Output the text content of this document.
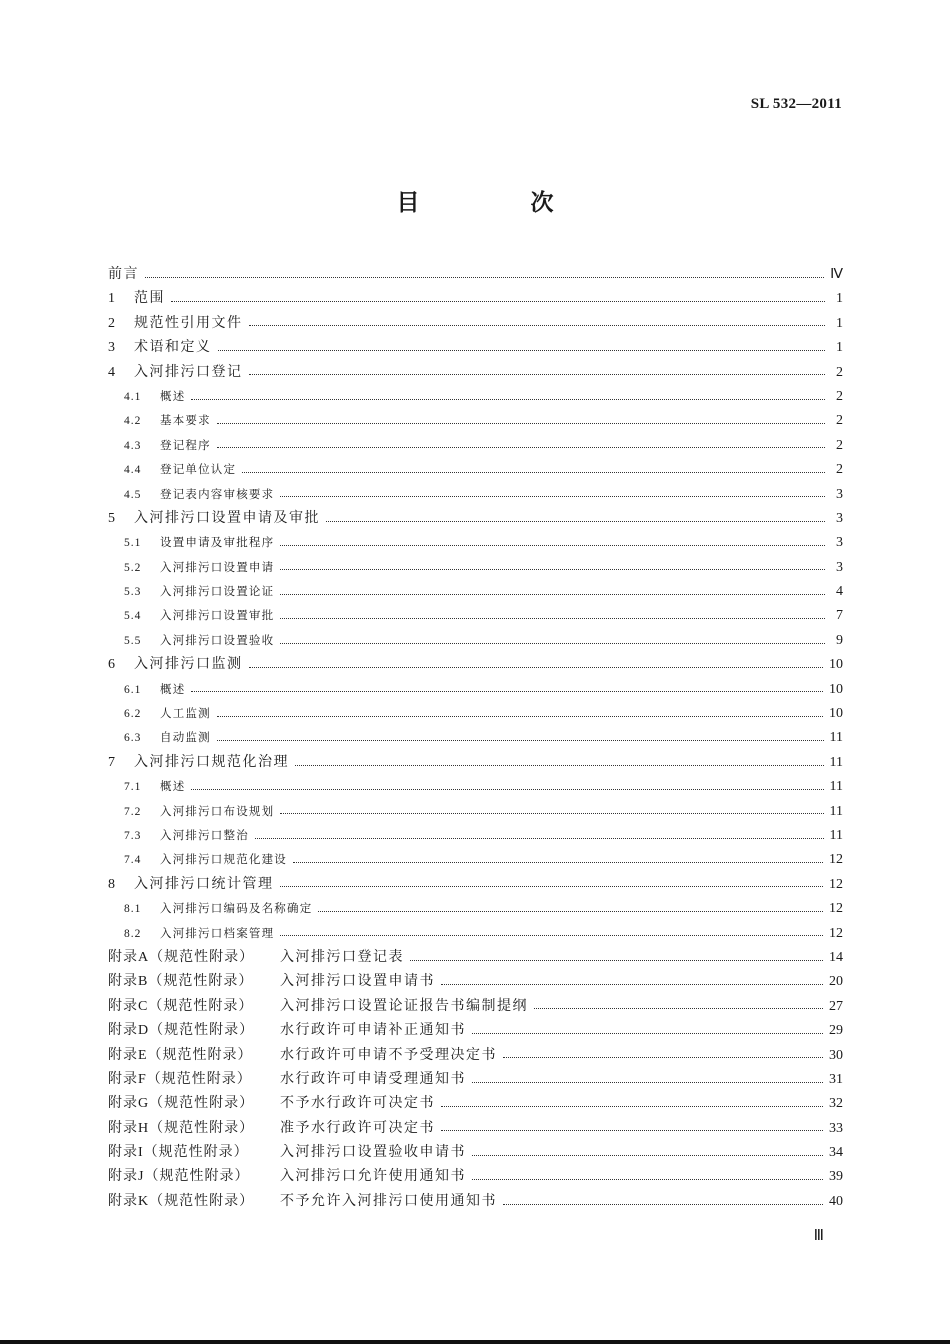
SL 532—2011
目　次
前言	Ⅳ
1	范围	1
2	规范性引用文件	1
3	术语和定义	1
4	入河排污口登记	2
4.1	概述	2
4.2	基本要求	2
4.3	登记程序	2
4.4	登记单位认定	2
4.5	登记表内容审核要求	3
5	入河排污口设置申请及审批	3
5.1	设置申请及审批程序	3
5.2	入河排污口设置申请	3
5.3	入河排污口设置论证	4
5.4	入河排污口设置审批	7
5.5	入河排污口设置验收	9
6	入河排污口监测	10
6.1	概述	10
6.2	人工监测	10
6.3	自动监测	11
7	入河排污口规范化治理	11
7.1	概述	11
7.2	入河排污口布设规划	11
7.3	入河排污口整治	11
7.4	入河排污口规范化建设	12
8	入河排污口统计管理	12
8.1	入河排污口编码及名称确定	12
8.2	入河排污口档案管理	12
附录A（规范性附录）	入河排污口登记表	14
附录B（规范性附录）	入河排污口设置申请书	20
附录C（规范性附录）	入河排污口设置论证报告书编制提纲	27
附录D（规范性附录）	水行政许可申请补正通知书	29
附录E（规范性附录）	水行政许可申请不予受理决定书	30
附录F（规范性附录）	水行政许可申请受理通知书	31
附录G（规范性附录）	不予水行政许可决定书	32
附录H（规范性附录）	准予水行政许可决定书	33
附录I（规范性附录）	入河排污口设置验收申请书	34
附录J（规范性附录）	入河排污口允许使用通知书	39
附录K（规范性附录）	不予允许入河排污口使用通知书	40
Ⅲ
